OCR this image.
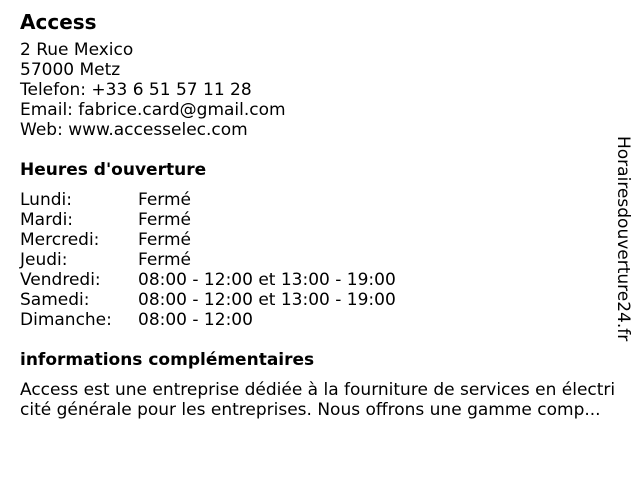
Access
2 Rue Mexico
57000 Metz
Telefon: +33 6 51 57 11 28
Email: fabrice.card@gmail.com
Web: www.accesselec.com
Heures d'ouverture
Lundi:	Fermé
Mardi:	Fermé
Mercredi:	Fermé
Jeudi:	Fermé
Vendredi:	08:00 - 12:00 et 13:00 - 19:00
Samedi:	08:00 - 12:00 et 13:00 - 19:00
Dimanche:	08:00 - 12:00
informations complémentaires
Access est une entreprise dédiée à la fourniture de services en électricité générale pour les entreprises. Nous offrons une gamme comp...
Horairesdouverture24.fr
